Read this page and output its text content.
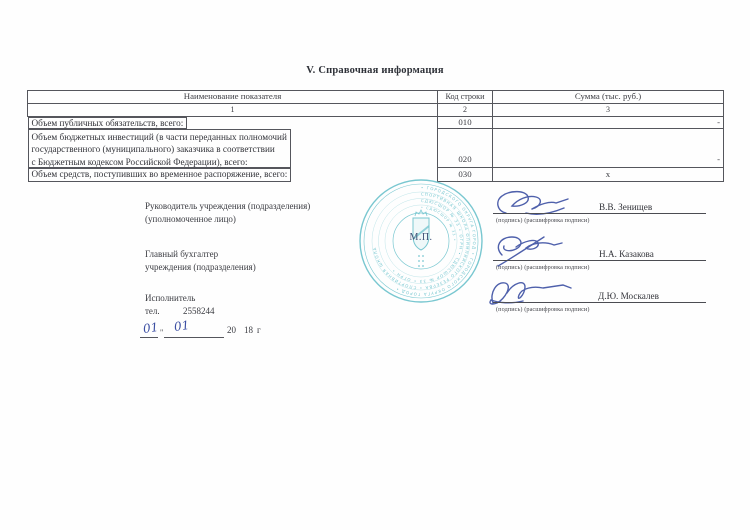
V. Справочная информация
Наименование показателя	Код строки	Сумма (тыс. руб.)
1	2	3

Объем публичных обязательств, всего:	010	-

Объем бюджетных инвестиций (в части переданных полномочий
государственного (муниципального) заказчика в соответствии
с Бюджетным кодексом Российской Федерации), всего:	020	-

Объем средств, поступивших во временное распоряжение, всего:	030	х
Руководитель учреждения (подразделения)
(уполномоченное лицо)
Главный бухгалтер
учреждения (подразделения)
Исполнитель
тел.	2558244
В.В. Зенищев
(подпись) (расшифровка подписи)
Н.А. Казакова
(подпись) (расшифровка подписи)
Д.Ю. Москалев
(подпись) (расшифровка подписи)
• ГОРОДСКОГО ОКРУГА ГОРОД • ГОРОДСКОГО ОКРУГА ГОРОД •
СПОРТИВНАЯ ШКОЛА ОЛИМПИЙСКОГО РЕЗЕРВА • СПОРТИВНАЯ ШКОЛА
СДЮСШОР № 33 • ОГРН • СДЮСШОР № 33 • ОГРН •
• СДЮСШОР № 33 •
М.П.
01 " 01	20 18 г
